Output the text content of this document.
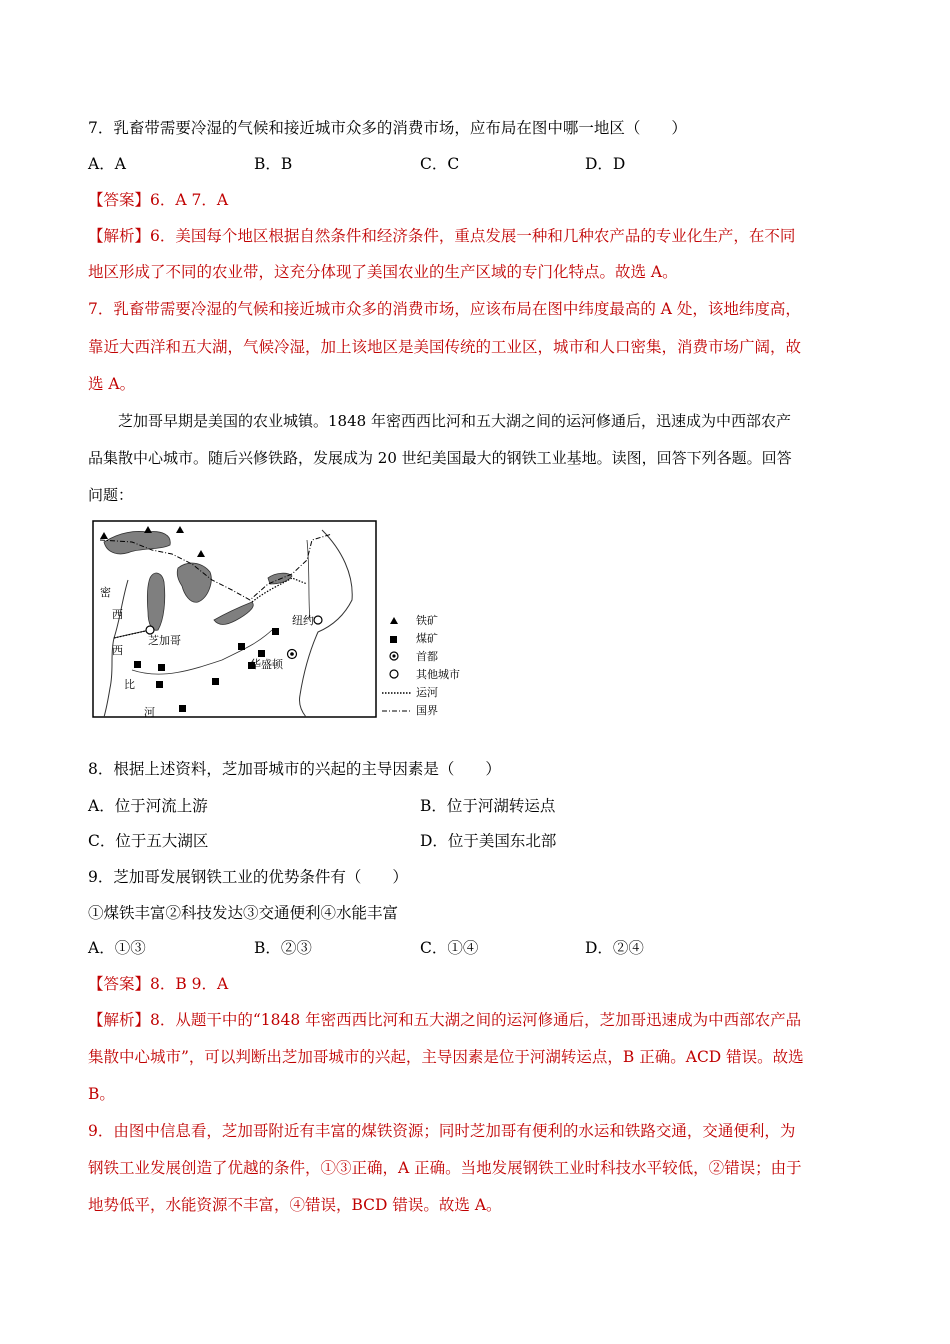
7．乳畜带需要冷湿的气候和接近城市众多的消费市场，应布局在图中哪一地区（　　）
A．A	B．B	C．C	D．D
【答案】6．A 7．A
【解析】6．美国每个地区根据自然条件和经济条件，重点发展一种和几种农产品的专业化生产，在不同
地区形成了不同的农业带，这充分体现了美国农业的生产区域的专门化特点。故选 A。
7．乳畜带需要冷湿的气候和接近城市众多的消费市场，应该布局在图中纬度最高的 A 处，该地纬度高，
靠近大西洋和五大湖，气候冷湿，加上该地区是美国传统的工业区，城市和人口密集，消费市场广阔，故
选 A。
芝加哥早期是美国的农业城镇。1848 年密西西比河和五大湖之间的运河修通后，迅速成为中西部农产
品集散中心城市。随后兴修铁路，发展成为 20 世纪美国最大的钢铁工业基地。读图，回答下列各题。回答
问题：
密
西
西
比
河
芝加哥
纽约
华盛顿
铁矿
煤矿
首都
其他城市
运河
国界
8．根据上述资料，芝加哥城市的兴起的主导因素是（　　）
A．位于河流上游	B．位于河湖转运点
C．位于五大湖区	D．位于美国东北部
9．芝加哥发展钢铁工业的优势条件有（　　）
①煤铁丰富②科技发达③交通便利④水能丰富
A．①③	B．②③	C．①④	D．②④
【答案】8．B 9．A
【解析】8．从题干中的“1848 年密西西比河和五大湖之间的运河修通后，芝加哥迅速成为中西部农产品
集散中心城市”，可以判断出芝加哥城市的兴起，主导因素是位于河湖转运点，B 正确。ACD 错误。故选
B。
9．由图中信息看，芝加哥附近有丰富的煤铁资源；同时芝加哥有便利的水运和铁路交通，交通便利，为
钢铁工业发展创造了优越的条件，①③正确，A 正确。当地发展钢铁工业时科技水平较低，②错误；由于
地势低平，水能资源不丰富，④错误，BCD 错误。故选 A。
